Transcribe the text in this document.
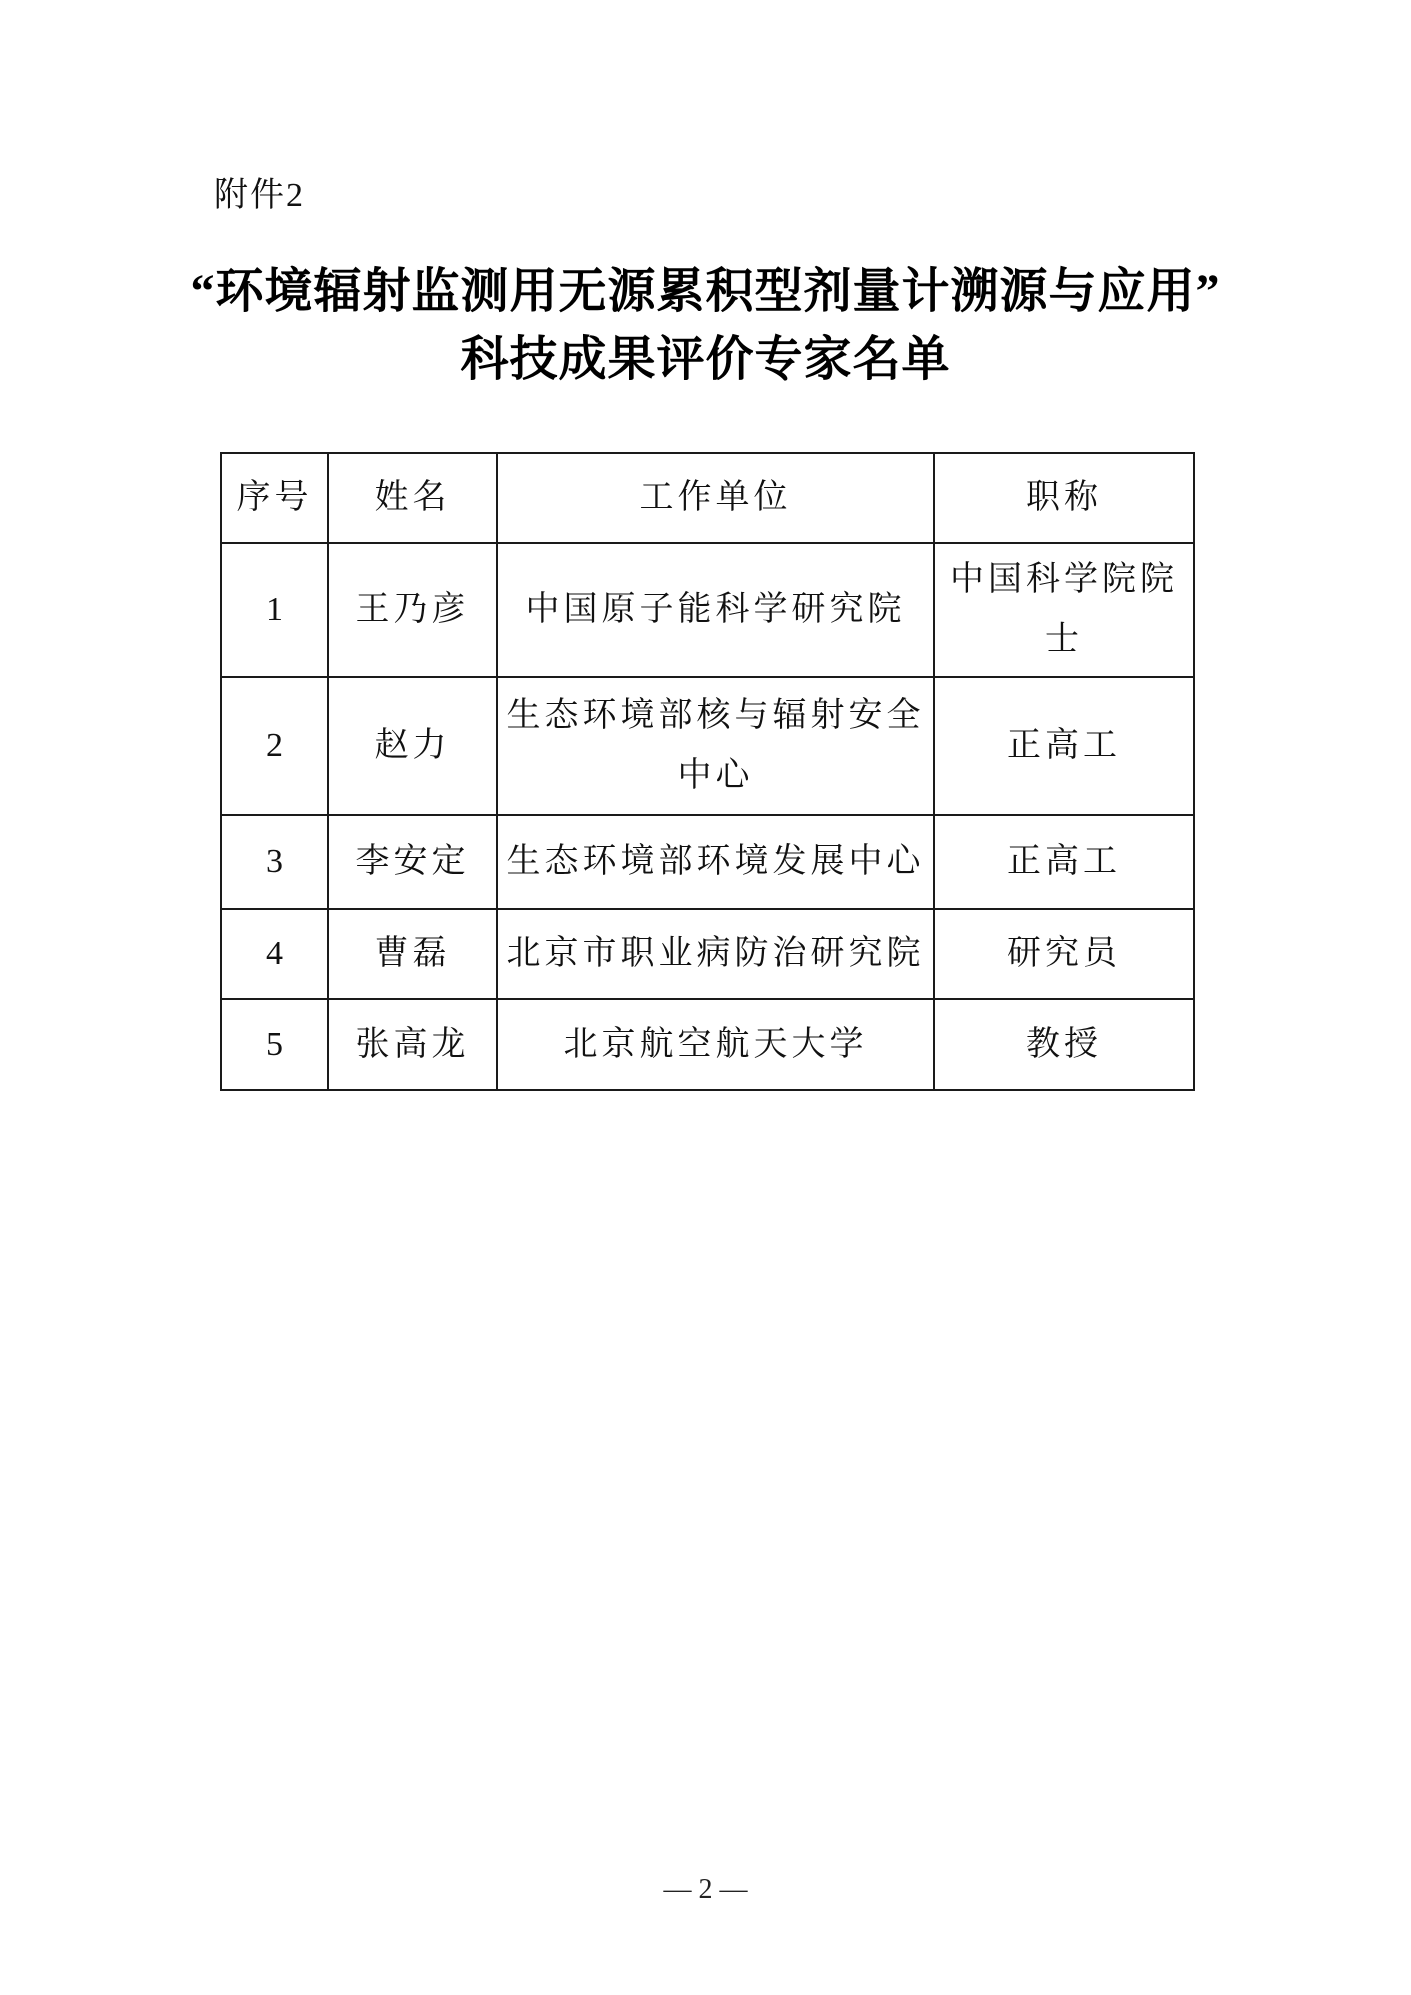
附件2
“环境辐射监测用无源累积型剂量计溯源与应用”
科技成果评价专家名单
序号	姓名	工作单位	职称
1	王乃彦	中国原子能科学研究院	中国科学院院士
2	赵力	生态环境部核与辐射安全中心	正高工
3	李安定	生态环境部环境发展中心	正高工
4	曹磊	北京市职业病防治研究院	研究员
5	张高龙	北京航空航天大学	教授
— 2 —
